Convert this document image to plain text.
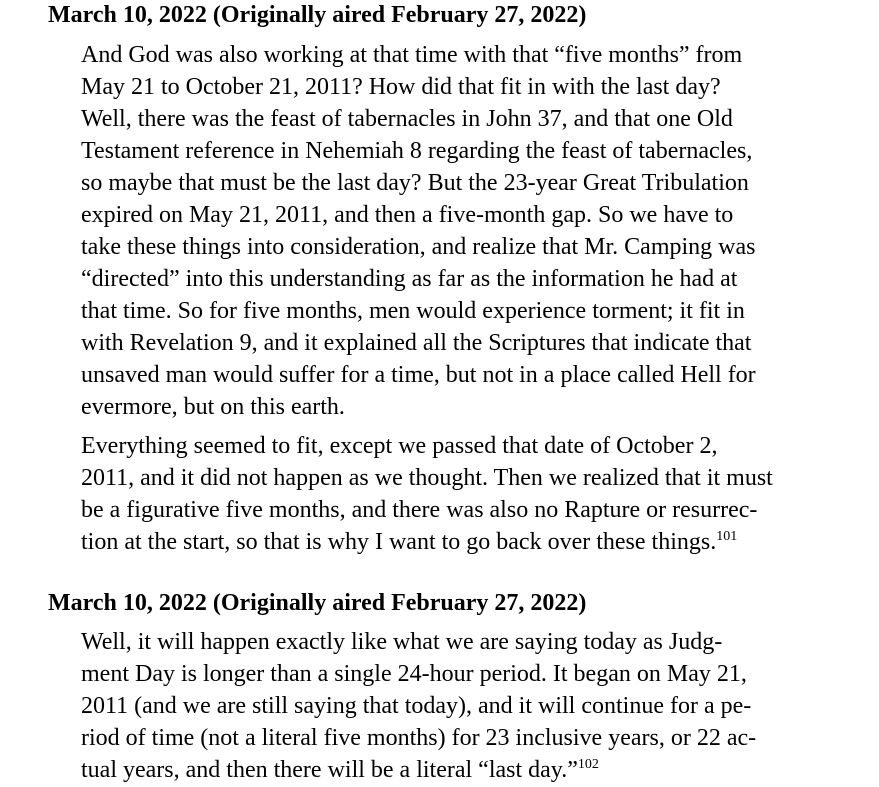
March 10, 2022 (Originally aired February 27, 2022)
And God was also working at that time with that “five months” from
May 21 to October 21, 2011? How did that fit in with the last day?
Well, there was the feast of tabernacles in John 37, and that one Old
Testament reference in Nehemiah 8 regarding the feast of tabernacles,
so maybe that must be the last day? But the 23-year Great Tribulation
expired on May 21, 2011, and then a five-month gap. So we have to
take these things into consideration, and realize that Mr. Camping was
“directed” into this understanding as far as the information he had at
that time. So for five months, men would experience torment; it fit in
with Revelation 9, and it explained all the Scriptures that indicate that
unsaved man would suffer for a time, but not in a place called Hell for
evermore, but on this earth.
Everything seemed to fit, except we passed that date of October 2,
2011, and it did not happen as we thought. Then we realized that it must
be a figurative five months, and there was also no Rapture or resurrec-
tion at the start, so that is why I want to go back over these things.$^{101}$
March 10, 2022 (Originally aired February 27, 2022)
Well, it will happen exactly like what we are saying today as Judg-
ment Day is longer than a single 24-hour period. It began on May 21,
2011 (and we are still saying that today), and it will continue for a pe-
riod of time (not a literal five months) for 23 inclusive years, or 22 ac-
tual years, and then there will be a literal “last day.”$^{102}$
